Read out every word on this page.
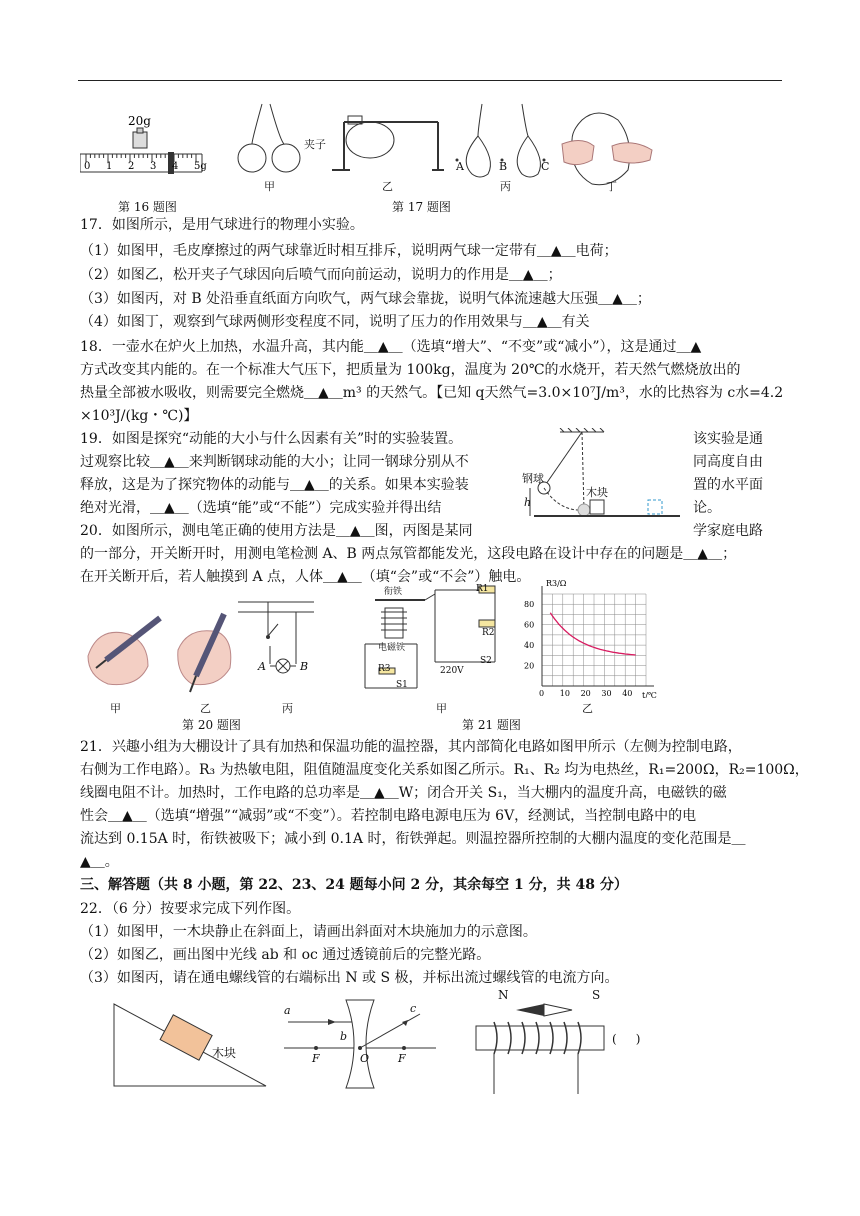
20g
0 1 2 3 4 5g
甲
夹子
乙
A	B	C
丙	丁
第 16 题图	第 17 题图

17．如图所示，是用气球进行的物理小实验。

（1）如图甲，毛皮摩擦过的两气球靠近时相互排斥，说明两气球一定带有＿▲＿电荷；

（2）如图乙，松开夹子气球因向后喷气而向前运动，说明力的作用是＿▲＿；

（3）如图丙，对 B 处沿垂直纸面方向吹气，两气球会靠拢，说明气体流速越大压强＿▲＿；

（4）如图丁，观察到气球两侧形变程度不同，说明了压力的作用效果与＿▲＿有关

18．一壶水在炉火上加热，水温升高，其内能＿▲＿（选填“增大”、“不变”或“减小”），这是通过＿▲

方式改变其内能的。在一个标准大气压下，把质量为 100kg，温度为 20℃的水烧开，若天然气燃烧放出的

热量全部被水吸收，则需要完全燃烧＿▲＿m³ 的天然气。【已知 q天然气=3.0×10⁷J/m³，水的比热容为 c水=4.2

×10³J/(kg・℃)】

19．如图是探究“动能的大小与什么因素有关”时的实验装置。

过观察比较＿▲＿来判断钢球动能的大小；让同一钢球分别从不

释放，这是为了探究物体的动能与＿▲＿的关系。如果本实验装

绝对光滑，＿▲＿（选填“能”或“不能”）完成实验并得出结

该实验是通

同高度自由

置的水平面

论。

钢球
木块
h

20．如图所示，测电笔正确的使用方法是＿▲＿图，丙图是某同	学家庭电路

的一部分，开关断开时，用测电笔检测 A、B 两点氖管都能发光，这段电路在设计中存在的问题是＿▲＿；

在开关断开后，若人触摸到 A 点，人体＿▲＿（填“会”或“不会”）触电。

甲	乙	丙
A	B
衔铁
电磁铁
R1
R2
R3
S1
S2
220V
甲
80
60
40
20
0 10 20 30 40
R3/Ω
t/℃
乙
第 20 题图	第 21 题图

21．兴趣小组为大棚设计了具有加热和保温功能的温控器，其内部简化电路如图甲所示（左侧为控制电路，

右侧为工作电路）。R₃ 为热敏电阻，阻值随温度变化关系如图乙所示。R₁、R₂ 均为电热丝，R₁=200Ω，R₂=100Ω，

线圈电阻不计。加热时，工作电路的总功率是＿▲＿W；闭合开关 S₁，当大棚内的温度升高，电磁铁的磁

性会＿▲＿（选填“增强”“减弱”或“不变”）。若控制电路电源电压为 6V，经测试，当控制电路中的电

流达到 0.15A 时，衔铁被吸下；减小到 0.1A 时，衔铁弹起。则温控器所控制的大棚内温度的变化范围是＿

▲＿。

三、解答题（共 8 小题，第 22、23、24 题每小问 2 分，其余每空 1 分，共 48 分）

22．（6 分）按要求完成下列作图。

（1）如图甲，一木块静止在斜面上，请画出斜面对木块施加力的示意图。

（2）如图乙，画出图中光线 ab 和 oc 通过透镜前后的完整光路。

（3）如图丙，请在通电螺线管的右端标出 N 或 S 极，并标出流过螺线管的电流方向。

木块
a
b
c
F	O	F
N	S
(     )
